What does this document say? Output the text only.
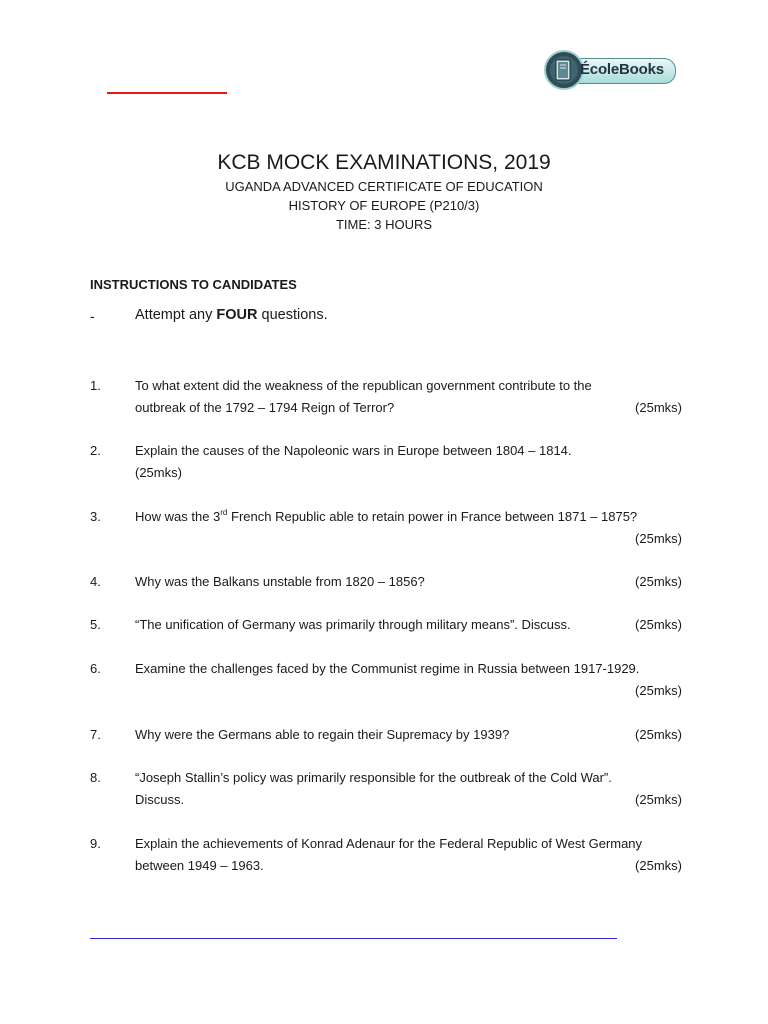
ÉcoleBooks
KCB MOCK EXAMINATIONS, 2019
UGANDA ADVANCED CERTIFICATE OF EDUCATION
HISTORY OF EUROPE (P210/3)
TIME: 3 HOURS
INSTRUCTIONS TO CANDIDATES
-	Attempt any FOUR questions.
1.	To what extent did the weakness of the republican government contribute to the
outbreak of the 1792 – 1794 Reign of Terror?	(25mks)
2.	Explain the causes of the Napoleonic wars in Europe between 1804 – 1814.
(25mks)
3.	How was the 3rd French Republic able to retain power in France between 1871 – 1875?
(25mks)
4.	Why was the Balkans unstable from 1820 – 1856?	(25mks)
5.	“The unification of Germany was primarily through military means”. Discuss.	(25mks)
6.	Examine the challenges faced by the Communist regime in Russia between 1917-1929.
(25mks)
7.	Why were the Germans able to regain their Supremacy by 1939?	(25mks)
8.	“Joseph Stallin’s policy was primarily responsible for the outbreak of the Cold War”.
Discuss.	(25mks)
9.	Explain the achievements of Konrad Adenaur for the Federal Republic of West Germany
between 1949 – 1963.	(25mks)
